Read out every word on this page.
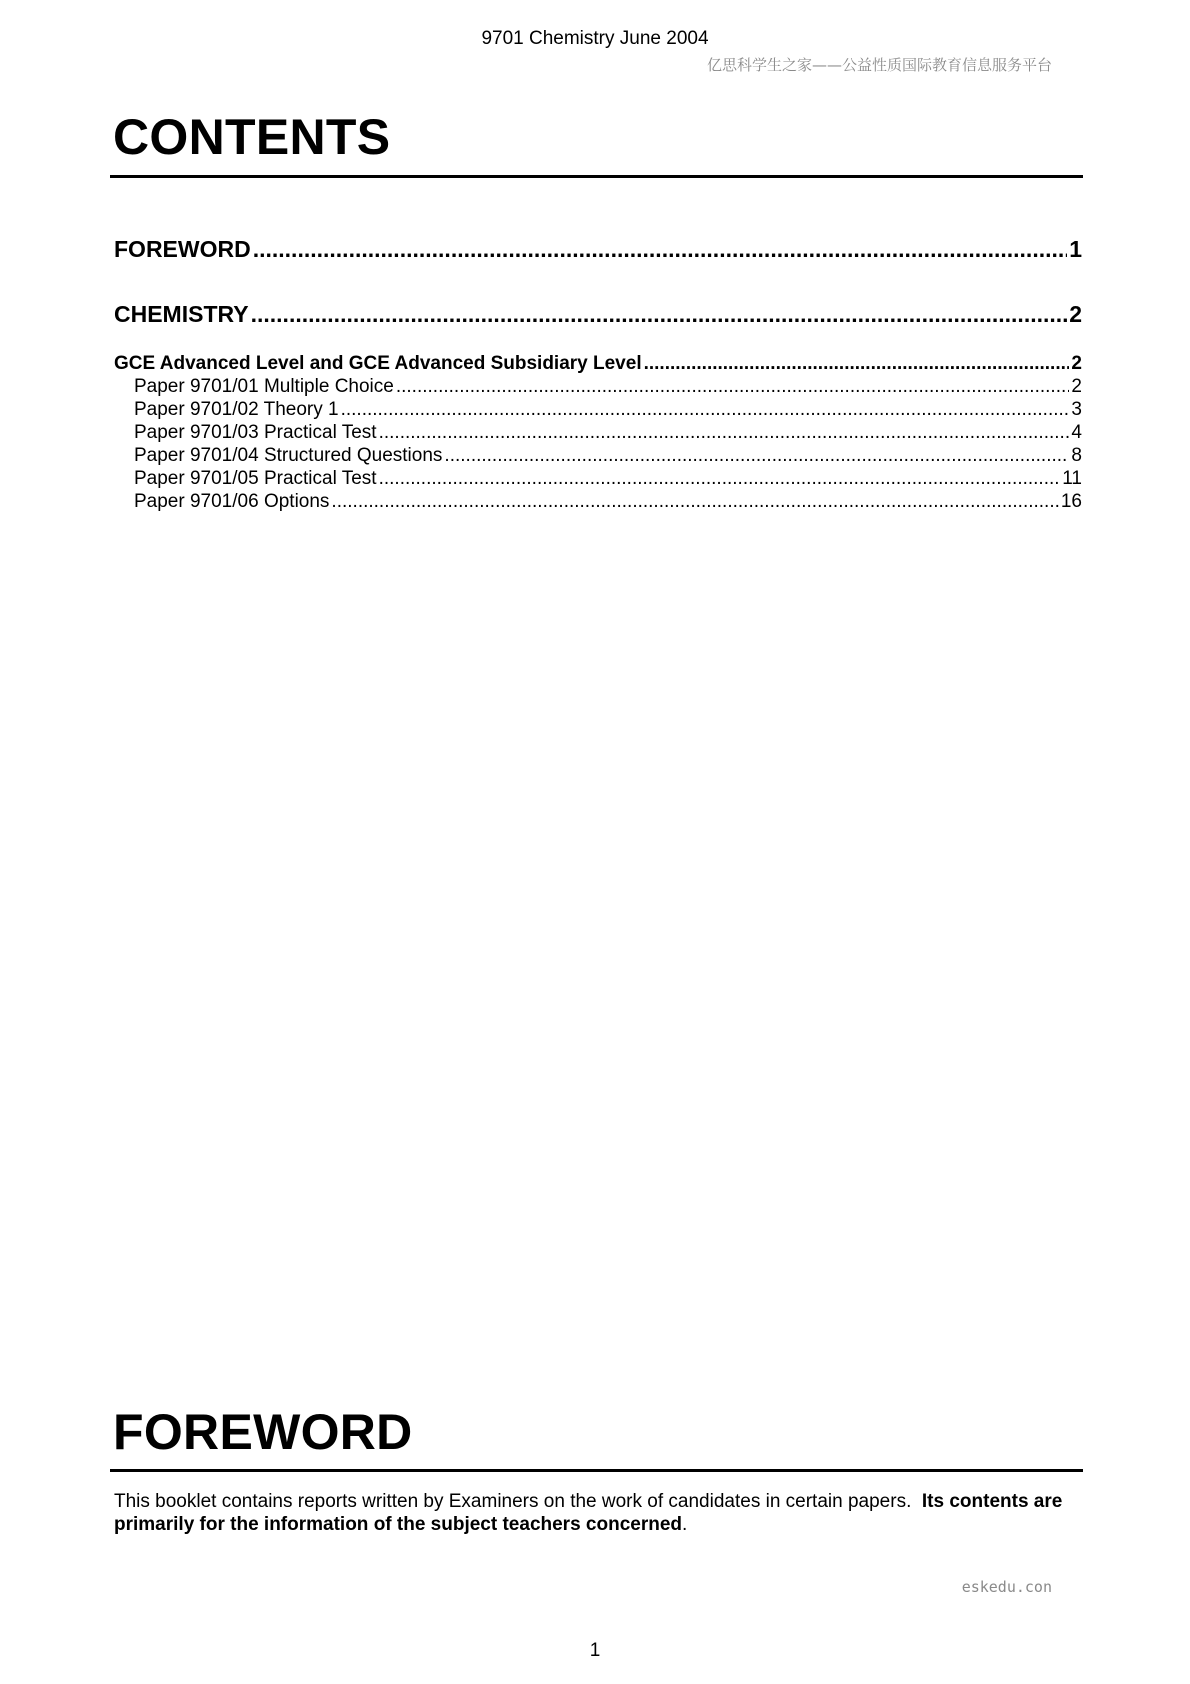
9701 Chemistry June 2004
亿思科学生之家——公益性质国际教育信息服务平台
CONTENTS
FOREWORD .....	1
CHEMISTRY .....	2
GCE Advanced Level and GCE Advanced Subsidiary Level .....	2
Paper 9701/01 Multiple Choice .....	2
Paper 9701/02 Theory 1 .....	3
Paper 9701/03 Practical Test .....	4
Paper 9701/04 Structured Questions .....	8
Paper 9701/05 Practical Test .....	11
Paper 9701/06 Options .....	16
FOREWORD
This booklet contains reports written by Examiners on the work of candidates in certain papers. Its contents are primarily for the information of the subject teachers concerned.
eskedu.con
1
